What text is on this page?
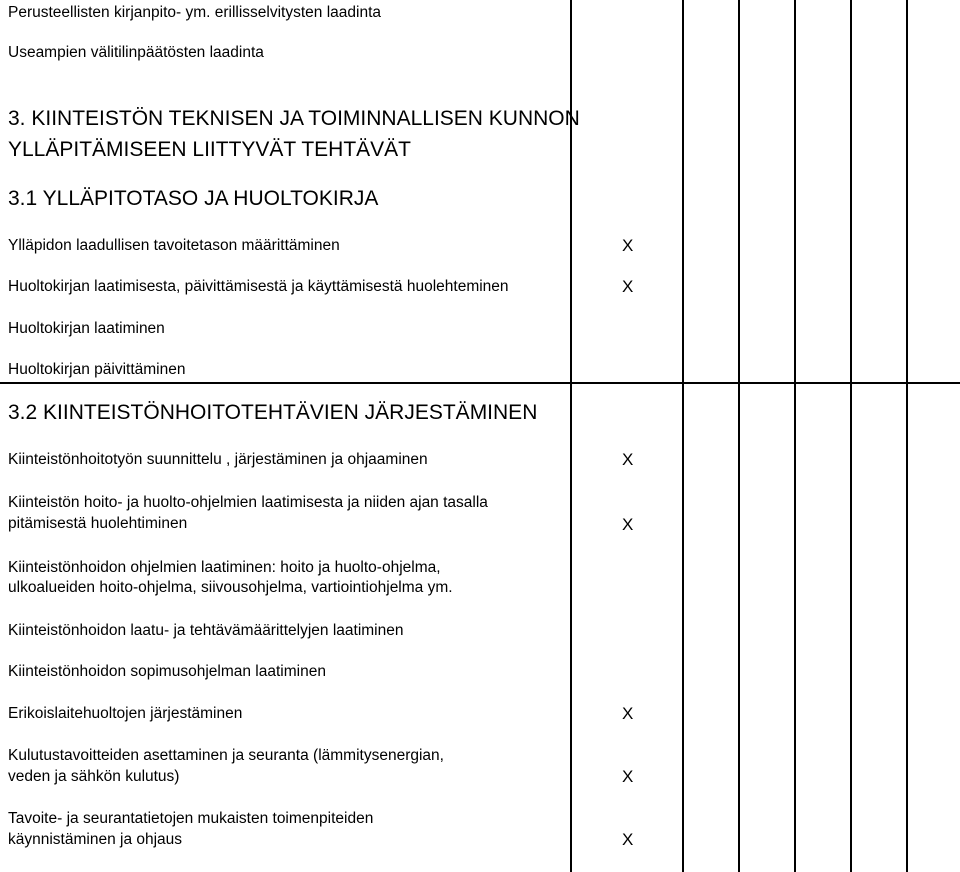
Perusteellisten kirjanpito- ym. erillisselvitysten laadinta
Useampien välitilinpäätösten laadinta
3. KIINTEISTÖN TEKNISEN JA TOIMINNALLISEN KUNNON
YLLÄPITÄMISEEN LIITTYVÄT TEHTÄVÄT
3.1 YLLÄPITOTASO JA HUOLTOKIRJA
Ylläpidon laadullisen tavoitetason määrittäminen	X
Huoltokirjan laatimisesta, päivittämisestä ja käyttämisestä huolehteminen	X
Huoltokirjan laatiminen
Huoltokirjan päivittäminen
3.2 KIINTEISTÖNHOITOTEHTÄVIEN JÄRJESTÄMINEN
Kiinteistönhoitotyön suunnittelu , järjestäminen ja ohjaaminen	X
Kiinteistön hoito- ja huolto-ohjelmien laatimisesta ja niiden ajan tasalla
pitämisestä huolehtiminen	X
Kiinteistönhoidon ohjelmien laatiminen: hoito ja huolto-ohjelma,
ulkoalueiden hoito-ohjelma, siivousohjelma, vartiointiohjelma ym.
Kiinteistönhoidon laatu- ja tehtävämäärittelyjen laatiminen
Kiinteistönhoidon sopimusohjelman laatiminen
Erikoislaitehuoltojen järjestäminen	X
Kulutustavoitteiden asettaminen ja seuranta (lämmitysenergian,
veden ja sähkön kulutus)	X
Tavoite- ja seurantatietojen mukaisten toimenpiteiden
käynnistäminen ja ohjaus	X
